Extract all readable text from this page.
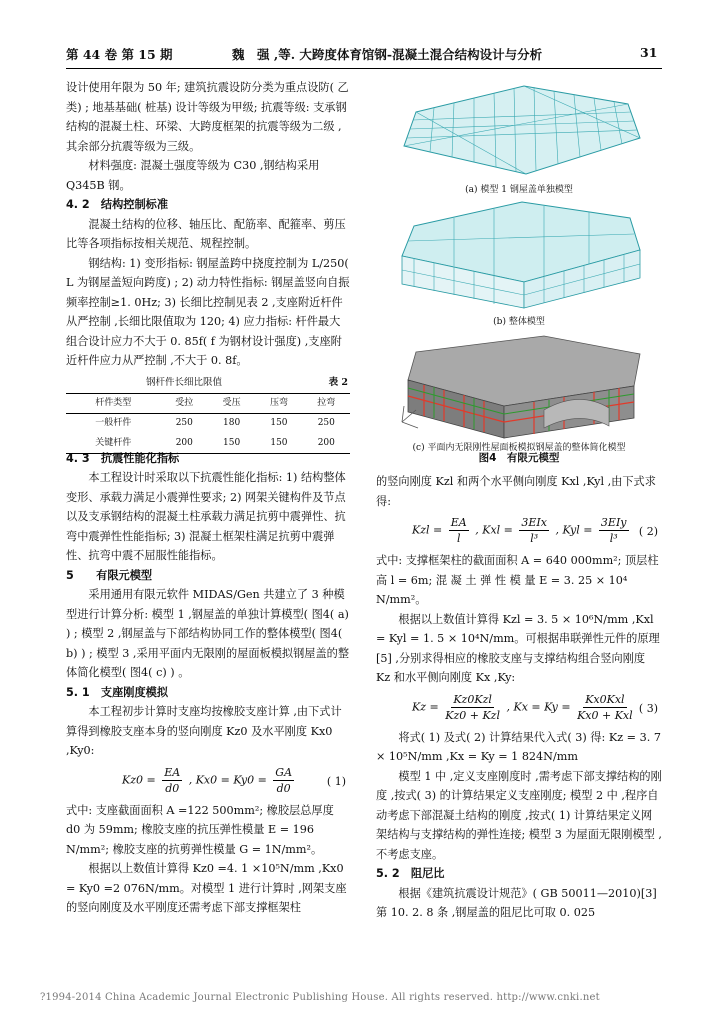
第 44 卷 第 15 期	魏　强 ,等. 大跨度体育馆钢-混凝土混合结构设计与分析	31

设计使用年限为 50 年; 建筑抗震设防分类为重点设防( 乙类) ; 地基基础( 桩基) 设计等级为甲级; 抗震等级: 支承钢结构的混凝土柱、环梁、大跨度框架的抗震等级为二级 ,其余部分抗震等级为三级。

材料强度: 混凝土强度等级为 C30 ,钢结构采用 Q345B 钢。

4. 2　结构控制标准

混凝土结构的位移、轴压比、配筋率、配箍率、剪压比等各项指标按相关规范、规程控制。

钢结构: 1) 变形指标: 钢屋盖跨中挠度控制为 L/250( L 为钢屋盖短向跨度) ; 2) 动力特性指标: 钢屋盖竖向自振频率控制≥1. 0Hz; 3) 长细比控制见表 2 ,支座附近杆件从严控制 ,长细比限值取为 120; 4) 应力指标: 杆件最大组合设计应力不大于 0. 85f( f 为钢材设计强度) ,支座附近杆件应力从严控制 ,不大于 0. 8f。

钢杆件长细比限值	表 2
杆件类型	受拉	受压	压弯	拉弯
一般杆件	250	180	150	250
关键杆件	200	150	150	200

4. 3　抗震性能化指标

本工程设计时采取以下抗震性能化指标: 1) 结构整体变形、承载力满足小震弹性要求; 2) 网架关键构件及节点以及支承钢结构的混凝土柱承载力满足抗剪中震弹性、抗弯中震弹性性能指标; 3) 混凝土框架柱满足抗剪中震弹性、抗弯中震不屈服性能指标。

5　　有限元模型

采用通用有限元软件 MIDAS/Gen 共建立了 3 种模型进行计算分析: 模型 1 ,钢屋盖的单独计算模型( 图4( a) ) ; 模型 2 ,钢屋盖与下部结构协同工作的整体模型( 图4( b) ) ; 模型 3 ,采用平面内无限刚的屋面板模拟钢屋盖的整体简化模型( 图4( c) ) 。

5. 1　支座刚度模拟

本工程初步计算时支座均按橡胶支座计算 ,由下式计算得到橡胶支座本身的竖向刚度 Kz0 及水平刚度 Kx0 ,Ky0:

$Kz0 = \frac{EA}{d0}$ , $Kx0 = Ky0 = \frac{GA}{d0}$	( 1)

式中: 支座截面面积 A =122 500mm²; 橡胶层总厚度 d0 为 59mm; 橡胶支座的抗压弹性模量 E = 196 N/mm²; 橡胶支座的抗剪弹性模量 G = 1N/mm²。

根据以上数值计算得 Kz0 =4. 1 ×10⁵N/mm ,Kx0 = Ky0 =2 076N/mm。对模型 1 进行计算时 ,网架支座的竖向刚度及水平刚度还需考虑下部支撑框架柱

(a) 模型 1 钢屋盖单独模型
(b) 整体模型
(c) 平面内无限刚性屋面板模拟钢屋盖的整体简化模型
图4　有限元模型

的竖向刚度 Kzl 和两个水平侧向刚度 Kxl ,Kyl ,由下式求得:

Kzl = $\frac{EA}{l}$ , Kxl = $\frac{\text{3EIx}}{\text{l³}}$ , Kyl = $\frac{\text{3EIy}}{\text{l³}}$ ( 2)

式中: 支撑框架柱的截面面积 A = 640 000mm²; 顶层柱高 l = 6m; 混 凝 土 弹 性 模 量 E = 3. 25 × 10⁴ N/mm²。

根据以上数值计算得 Kzl = 3. 5 × 10⁶N/mm ,Kxl = Kyl = 1. 5 × 10⁴N/mm。可根据串联弹性元件的原理[5] ,分别求得相应的橡胶支座与支撑结构组合竖向刚度 Kz 和水平侧向刚度 Kx ,Ky:

$Kz = \frac{\text{Kz0Kzl}}{\text{Kz0 + Kzl}}$ , $Kx = Ky = \frac{\text{Kx0Kxl}}{\text{Kx0 + Kxl}}$ ( 3)

将式( 1) 及式( 2) 计算结果代入式( 3) 得: Kz = 3. 7 × 10⁵N/mm ,Kx = Ky = 1 824N/mm

模型 1 中 ,定义支座刚度时 ,需考虑下部支撑结构的刚度 ,按式( 3) 的计算结果定义支座刚度; 模型 2 中 ,程序自动考虑下部混凝土结构的刚度 ,按式( 1) 计算结果定义网架结构与支撑结构的弹性连接; 模型 3 为屋面无限刚模型 ,不考虑支座。

5. 2　阻尼比

根据《建筑抗震设计规范》( GB 50011—2010)[3] 第 10. 2. 8 条 ,钢屋盖的阻尼比可取 0. 025

?1994-2014 China Academic Journal Electronic Publishing House. All rights reserved. http://www.cnki.net
